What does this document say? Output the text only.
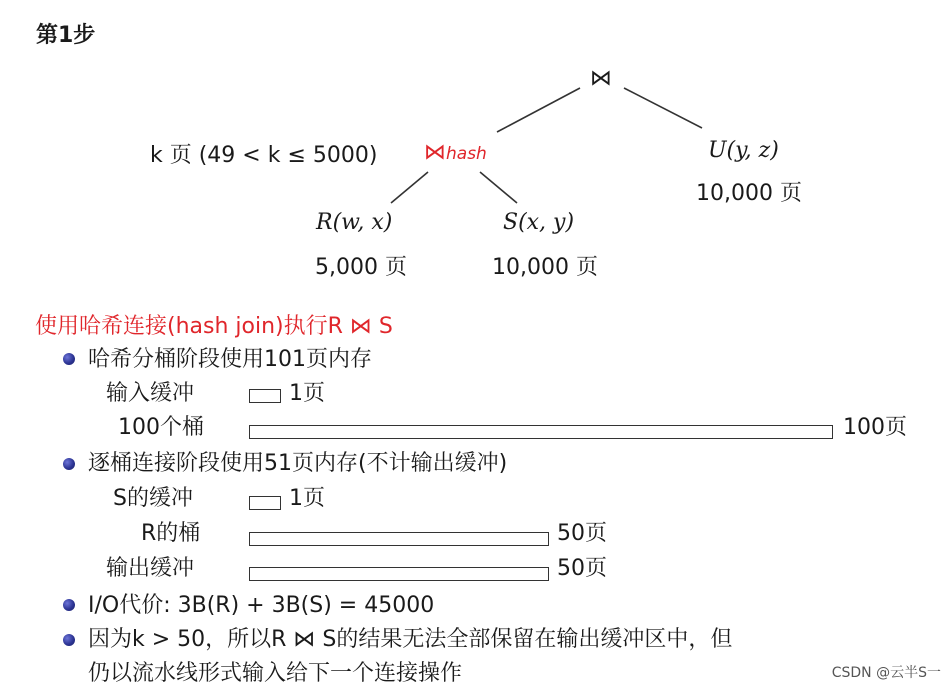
第1步
⋈
k 页 (49 < k ≤ 5000) ⋈hash	U(y, z)
10,000 页
R(w, x)
5,000 页
S(x, y)
10,000 页
使用哈希连接(hash join)执行R ⋈ S
哈希分桶阶段使用101页内存
输入缓冲	1页
100个桶	100页
逐桶连接阶段使用51页内存(不计输出缓冲)
S的缓冲	1页
R的桶	50页
输出缓冲	50页
I/O代价: 3B(R) + 3B(S) = 45000
因为k > 50，所以R ⋈ S的结果无法全部保留在输出缓冲区中，但
仍以流水线形式输入给下一个连接操作	CSDN @云半S一
